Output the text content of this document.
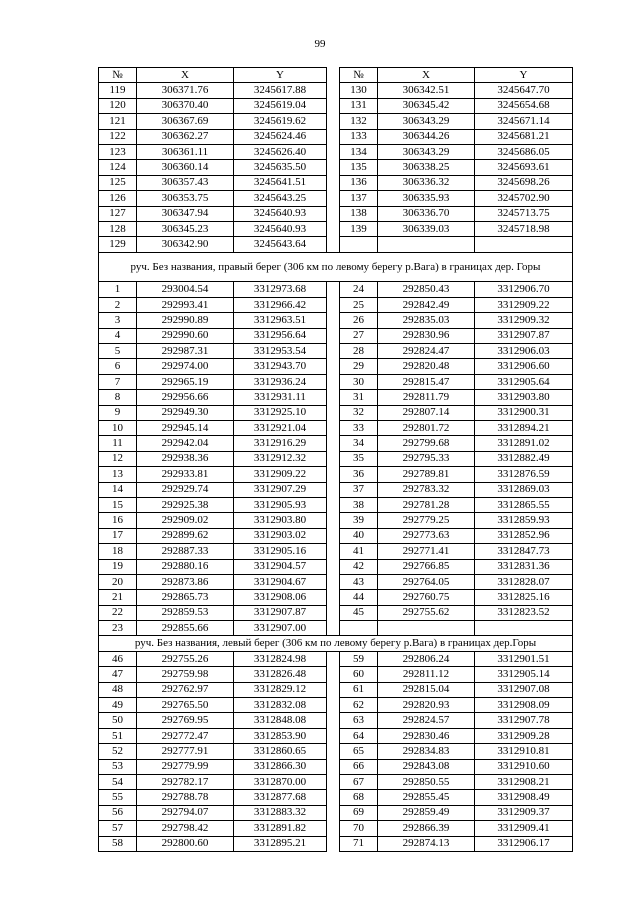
99
№	X	Y		№	X	Y
119	306371.76	3245617.88		130	306342.51	3245647.70
120	306370.40	3245619.04		131	306345.42	3245654.68
121	306367.69	3245619.62		132	306343.29	3245671.14
122	306362.27	3245624.46		133	306344.26	3245681.21
123	306361.11	3245626.40		134	306343.29	3245686.05
124	306360.14	3245635.50		135	306338.25	3245693.61
125	306357.43	3245641.51		136	306336.32	3245698.26
126	306353.75	3245643.25		137	306335.93	3245702.90
127	306347.94	3245640.93		138	306336.70	3245713.75
128	306345.23	3245640.93		139	306339.03	3245718.98
129	306342.90	3245643.64				
руч. Без названия, правый берег (306 км по левому берегу р.Вага) в границах дер. Горы						
1	293004.54	3312973.68		24	292850.43	3312906.70
2	292993.41	3312966.42		25	292842.49	3312909.22
3	292990.89	3312963.51		26	292835.03	3312909.32
4	292990.60	3312956.64		27	292830.96	3312907.87
5	292987.31	3312953.54		28	292824.47	3312906.03
6	292974.00	3312943.70		29	292820.48	3312906.60
7	292965.19	3312936.24		30	292815.47	3312905.64
8	292956.66	3312931.11		31	292811.79	3312903.80
9	292949.30	3312925.10		32	292807.14	3312900.31
10	292945.14	3312921.04		33	292801.72	3312894.21
11	292942.04	3312916.29		34	292799.68	3312891.02
12	292938.36	3312912.32		35	292795.33	3312882.49
13	292933.81	3312909.22		36	292789.81	3312876.59
14	292929.74	3312907.29		37	292783.32	3312869.03
15	292925.38	3312905.93		38	292781.28	3312865.55
16	292909.02	3312903.80		39	292779.25	3312859.93
17	292899.62	3312903.02		40	292773.63	3312852.96
18	292887.33	3312905.16		41	292771.41	3312847.73
19	292880.16	3312904.57		42	292766.85	3312831.36
20	292873.86	3312904.67		43	292764.05	3312828.07
21	292865.73	3312908.06		44	292760.75	3312825.16
22	292859.53	3312907.87		45	292755.62	3312823.52
23	292855.66	3312907.00				
руч. Без названия, левый берег (306 км по левому берегу р.Вага) в границах дер.Горы						
46	292755.26	3312824.98		59	292806.24	3312901.51
47	292759.98	3312826.48		60	292811.12	3312905.14
48	292762.97	3312829.12		61	292815.04	3312907.08
49	292765.50	3312832.08		62	292820.93	3312908.09
50	292769.95	3312848.08		63	292824.57	3312907.78
51	292772.47	3312853.90		64	292830.46	3312909.28
52	292777.91	3312860.65		65	292834.83	3312910.81
53	292779.99	3312866.30		66	292843.08	3312910.60
54	292782.17	3312870.00		67	292850.55	3312908.21
55	292788.78	3312877.68		68	292855.45	3312908.49
56	292794.07	3312883.32		69	292859.49	3312909.37
57	292798.42	3312891.82		70	292866.39	3312909.41
58	292800.60	3312895.21		71	292874.13	3312906.17
